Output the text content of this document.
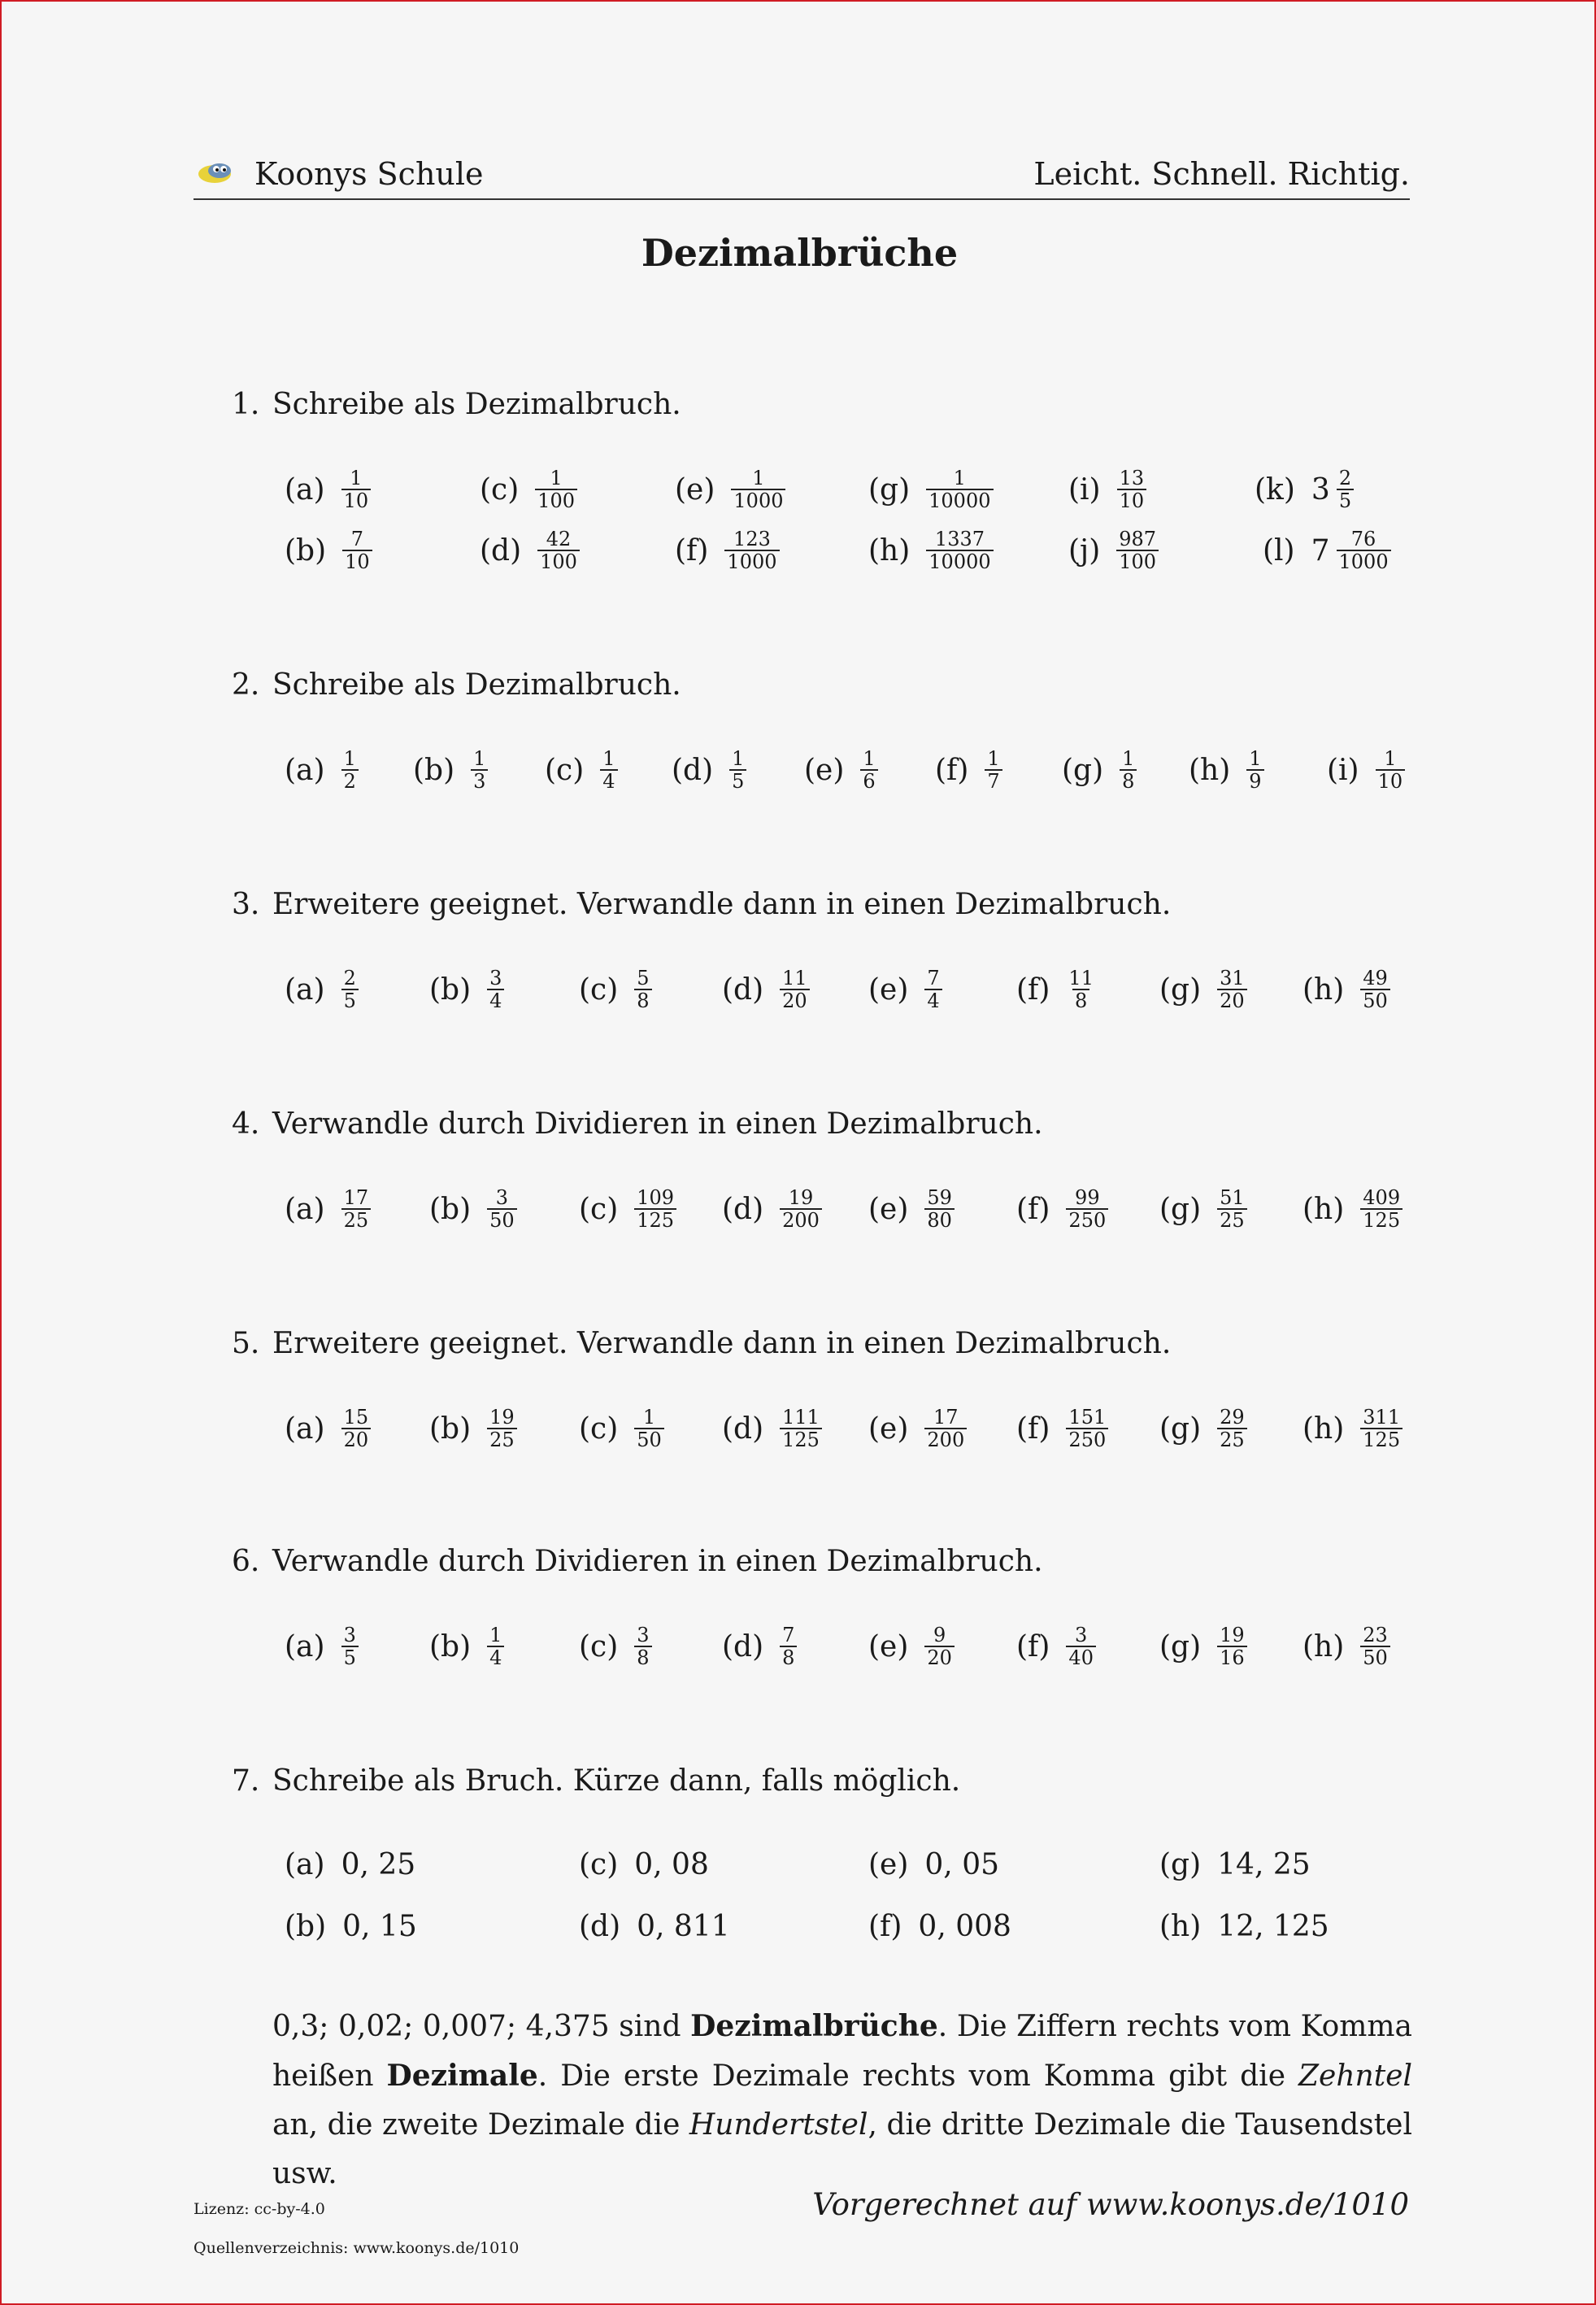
Koonys Schule	Leicht. Schnell. Richtig.
Dezimalbrüche
1. Schreibe als Dezimalbruch.
$(a) \frac{1}{10}$	$(c) \frac{1}{100}$	$(e) \frac{1}{1000}$	$(g) \frac{1}{10000}$	$(i) \frac{13}{10}$	(k) $3 \frac{2}{5}$
$(b) \frac{7}{10}$	$(d) \frac{42}{100}$	$(f) \frac{123}{1000}$	$(h) \frac{1337}{10000}$	$(j) \frac{987}{100}$	(l) $7 \frac{76}{1000}$
2. Schreibe als Dezimalbruch.
$(a) \frac{1}{2} (b) \frac{1}{3} (c) \frac{1}{4} (d) \frac{1}{5} (e) \frac{1}{6} (f) \frac{1}{7} (g) \frac{1}{8} (h) \frac{1}{9} (i) \frac{1}{10}$
3. Erweitere geeignet. Verwandle dann in einen Dezimalbruch.
$(a) \frac{2}{5} (b) \frac{3}{4}$	$(c) \frac{5}{8} (d) \frac{11}{20} (e) \frac{7}{4}$	$(f) \frac{11}{8} (g) \frac{31}{20} (h) \frac{49}{50}$
4. Verwandle durch Dividieren in einen Dezimalbruch.
$(a) \frac{17}{25} (b) \frac{3}{50} (c) \frac{109}{125} (d) \frac{19}{200} (e) \frac{59}{80} (f) \frac{99}{250} (g) \frac{51}{25} (h) \frac{409}{125}$
5. Erweitere geeignet. Verwandle dann in einen Dezimalbruch.
$(a) \frac{15}{20} (b) \frac{19}{25} (c) \frac{1}{50} (d) \frac{111}{125} (e) \frac{17}{200} (f) \frac{151}{250} (g) \frac{29}{25} (h) \frac{311}{125}$
6. Verwandle durch Dividieren in einen Dezimalbruch.
$(a) \frac{3}{5} (b) \frac{1}{4}$	$(c) \frac{3}{8} (d) \frac{7}{8} (e) \frac{9}{20} (f) \frac{3}{40} (g) \frac{19}{16} (h) \frac{23}{50}$
7. Schreibe als Bruch. Kürze dann, falls möglich.
(a) 0, 25	(c) 0, 08	(e) 0, 05	(g) 14, 25
(b) 0, 15	(d) 0, 811	(f) 0, 008	(h) 12, 125
0,3; 0,02; 0,007; 4,375 sind Dezimalbrüche. Die Ziffern rechts vom Komma heißen Dezimale. Die erste Dezimale rechts vom Komma gibt die Zehntel an, die zweite Dezimale die Hundertstel, die dritte Dezimale die Tausendstel usw.
Lizenz: cc-by-4.0
Quellenverzeichnis: www.koonys.de/1010
Vorgerechnet auf www.koonys.de/1010
